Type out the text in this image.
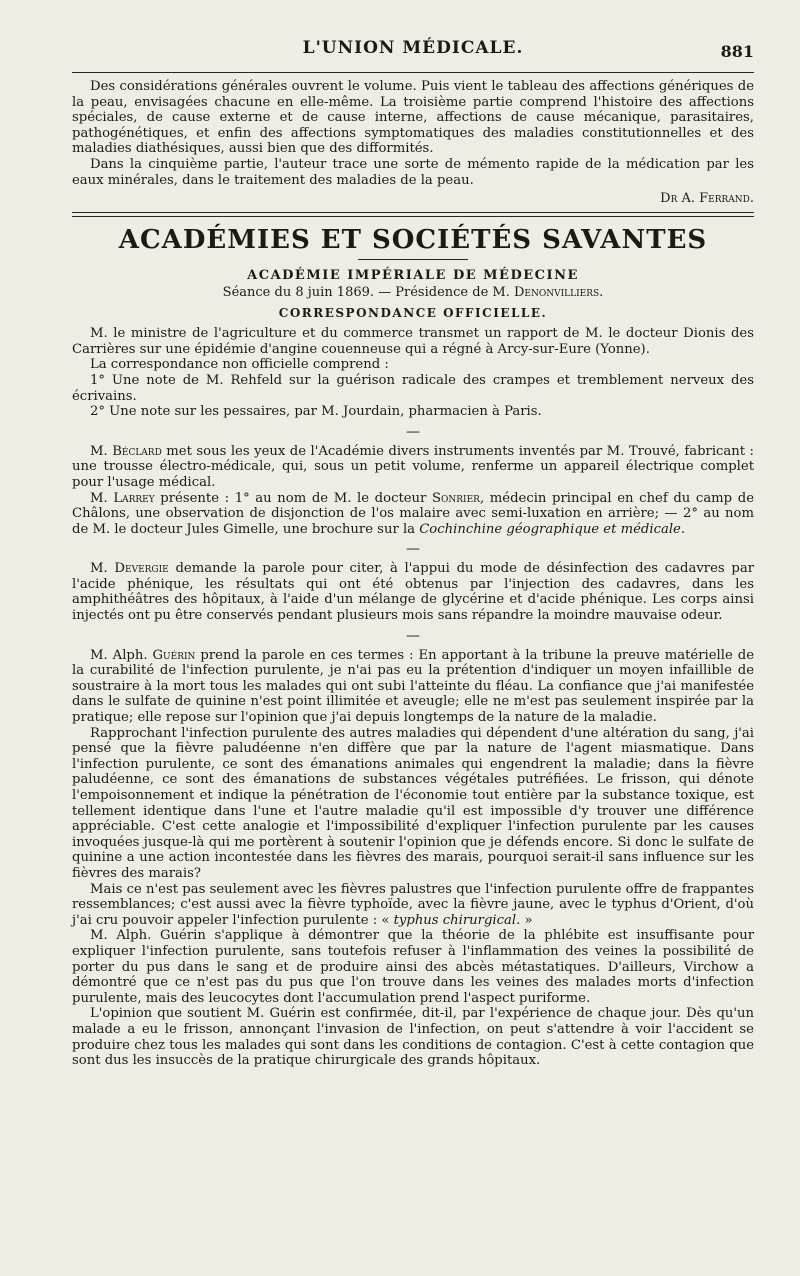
L'UNION MÉDICALE.	881

Des considérations générales ouvrent le volume. Puis vient le tableau des affections génériques de la peau, envisagées chacune en elle-même. La troisième partie comprend l'histoire des affections spéciales, de cause externe et de cause interne, affections de cause mécanique, parasitaires, pathogénétiques, et enfin des affections symptomatiques des maladies constitutionnelles et des maladies diathésiques, aussi bien que des difformités.

Dans la cinquième partie, l'auteur trace une sorte de mémento rapide de la médication par les eaux minérales, dans le traitement des maladies de la peau.

Dr A. Ferrand.
ACADÉMIES ET SOCIÉTÉS SAVANTES
ACADÉMIE IMPÉRIALE DE MÉDECINE
Séance du 8 juin 1869. — Présidence de M. Denonvilliers.
CORRESPONDANCE OFFICIELLE.

M. le ministre de l'agriculture et du commerce transmet un rapport de M. le docteur Dionis des Carrières sur une épidémie d'angine couenneuse qui a régné à Arcy-sur-Eure (Yonne).

La correspondance non officielle comprend :

1° Une note de M. Rehfeld sur la guérison radicale des crampes et tremblement nerveux des écrivains.

2° Une note sur les pessaires, par M. Jourdain, pharmacien à Paris.

—

M. Béclard met sous les yeux de l'Académie divers instruments inventés par M. Trouvé, fabricant : une trousse électro-médicale, qui, sous un petit volume, renferme un appareil électrique complet pour l'usage médical.

M. Larrey présente : 1° au nom de M. le docteur Sonrier, médecin principal en chef du camp de Châlons, une observation de disjonction de l'os malaire avec semi-luxation en arrière; — 2° au nom de M. le docteur Jules Gimelle, une brochure sur la Cochinchine géographique et médicale.

—

M. Devergie demande la parole pour citer, à l'appui du mode de désinfection des cadavres par l'acide phénique, les résultats qui ont été obtenus par l'injection des cadavres, dans les amphithéâtres des hôpitaux, à l'aide d'un mélange de glycérine et d'acide phénique. Les corps ainsi injectés ont pu être conservés pendant plusieurs mois sans répandre la moindre mauvaise odeur.

—

M. Alph. Guérin prend la parole en ces termes : En apportant à la tribune la preuve matérielle de la curabilité de l'infection purulente, je n'ai pas eu la prétention d'indiquer un moyen infaillible de soustraire à la mort tous les malades qui ont subi l'atteinte du fléau. La confiance que j'ai manifestée dans le sulfate de quinine n'est point illimitée et aveugle; elle ne m'est pas seulement inspirée par la pratique; elle repose sur l'opinion que j'ai depuis longtemps de la nature de la maladie.

Rapprochant l'infection purulente des autres maladies qui dépendent d'une altération du sang, j'ai pensé que la fièvre paludéenne n'en diffère que par la nature de l'agent miasmatique. Dans l'infection purulente, ce sont des émanations animales qui engendrent la maladie; dans la fièvre paludéenne, ce sont des émanations de substances végétales putréfiées. Le frisson, qui dénote l'empoisonnement et indique la pénétration de l'économie tout entière par la substance toxique, est tellement identique dans l'une et l'autre maladie qu'il est impossible d'y trouver une différence appréciable. C'est cette analogie et l'impossibilité d'expliquer l'infection purulente par les causes invoquées jusque-là qui me portèrent à soutenir l'opinion que je défends encore. Si donc le sulfate de quinine a une action incontestée dans les fièvres des marais, pourquoi serait-il sans influence sur les fièvres des marais?

Mais ce n'est pas seulement avec les fièvres palustres que l'infection purulente offre de frappantes ressemblances; c'est aussi avec la fièvre typhoïde, avec la fièvre jaune, avec le typhus d'Orient, d'où j'ai cru pouvoir appeler l'infection purulente : « typhus chirurgical. »

M. Alph. Guérin s'applique à démontrer que la théorie de la phlébite est insuffisante pour expliquer l'infection purulente, sans toutefois refuser à l'inflammation des veines la possibilité de porter du pus dans le sang et de produire ainsi des abcès métastatiques. D'ailleurs, Virchow a démontré que ce n'est pas du pus que l'on trouve dans les veines des malades morts d'infection purulente, mais des leucocytes dont l'accumulation prend l'aspect puriforme.

L'opinion que soutient M. Guérin est confirmée, dit-il, par l'expérience de chaque jour. Dès qu'un malade a eu le frisson, annonçant l'invasion de l'infection, on peut s'attendre à voir l'accident se produire chez tous les malades qui sont dans les conditions de contagion. C'est à cette contagion que sont dus les insuccès de la pratique chirurgicale des grands hôpitaux.
